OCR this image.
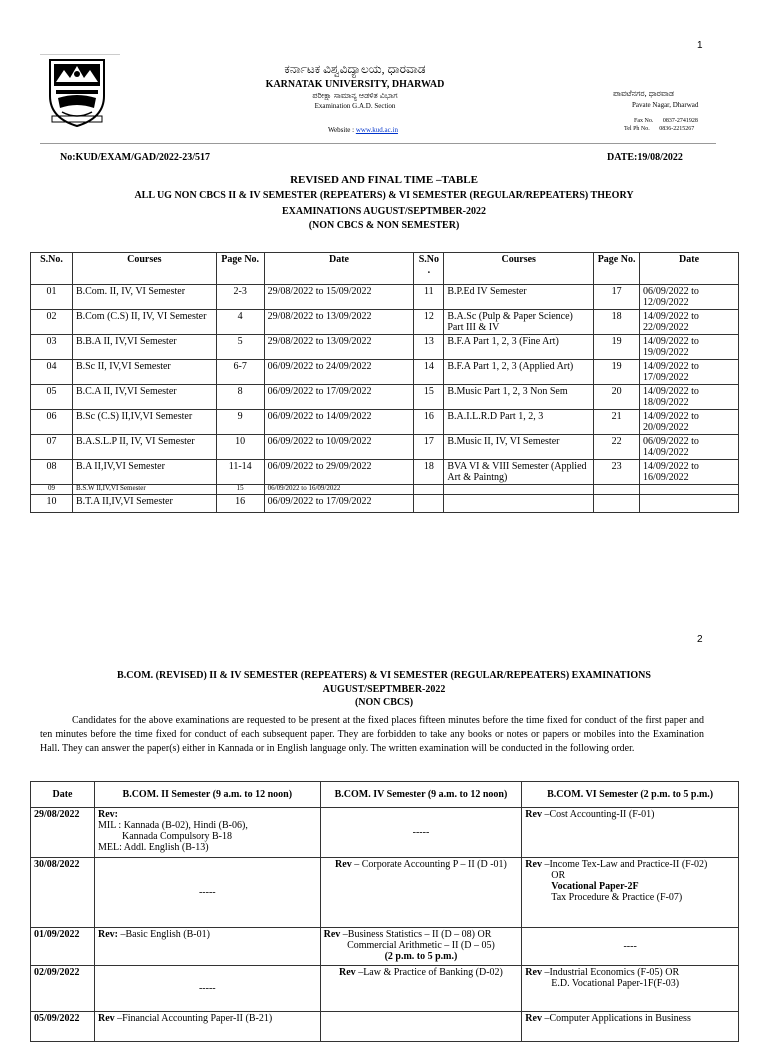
1
ಕರ್ನಾಟಕ ವಿಶ್ವವಿದ್ಯಾಲಯ, ಧಾರವಾಡ
KARNATAK UNIVERSITY, DHARWAD
ಪರೀಕ್ಷಾ ಸಾಮಾನ್ಯ ಆಡಳಿತ ವಿಭಾಗ
Examination G.A.D. Section
Website : www.kud.ac.in
ಪಾವಟೆನಗರ, ಧಾರವಾಡ
Pavate Nagar, Dharwad
Fax No. 0837-2741928
Tel Ph No. 0836-2215267
No:KUD/EXAM/GAD/2022-23/517	DATE:19/08/2022
REVISED AND FINAL TIME –TABLE
ALL UG NON CBCS II & IV SEMESTER (REPEATERS) & VI SEMESTER (REGULAR/REPEATERS) THEORY
EXAMINATIONS AUGUST/SEPTMBER-2022
(NON CBCS & NON SEMESTER)
S.No.	Courses	Page No.	Date	S.No .	Courses	Page No.	Date
01	B.Com. II, IV, VI Semester	2-3	29/08/2022 to 15/09/2022	11	B.P.Ed IV Semester	17	06/09/2022 to 12/09/2022
02	B.Com (C.S) II, IV, VI Semester	4	29/08/2022 to 13/09/2022	12	B.A.Sc (Pulp & Paper Science) Part III & IV	18	14/09/2022 to 22/09/2022
03	B.B.A II, IV,VI Semester	5	29/08/2022 to 13/09/2022	13	B.F.A Part 1, 2, 3 (Fine Art)	19	14/09/2022 to 19/09/2022
04	B.Sc II, IV,VI Semester	6-7	06/09/2022 to 24/09/2022	14	B.F.A Part 1, 2, 3 (Applied Art)	19	14/09/2022 to 17/09/2022
05	B.C.A II, IV,VI Semester	8	06/09/2022 to 17/09/2022	15	B.Music Part 1, 2, 3 Non Sem	20	14/09/2022 to 18/09/2022
06	B.Sc (C.S) II,IV,VI Semester	9	06/09/2022 to 14/09/2022	16	B.A.I.L.R.D Part 1, 2, 3	21	14/09/2022 to 20/09/2022
07	B.A.S.L.P II, IV, VI Semester	10	06/09/2022 to 10/09/2022	17	B.Music II, IV, VI Semester	22	06/09/2022 to 14/09/2022
08	B.A II,IV,VI Semester	11-14	06/09/2022 to 29/09/2022	18	BVA VI & VIII Semester (Applied Art & Paintng)	23	14/09/2022 to 16/09/2022
09	B.S.W II,IV,VI Semester	15	06/09/2022 to 16/09/2022				
10	B.T.A II,IV,VI Semester	16	06/09/2022 to 17/09/2022				
2
B.COM. (REVISED) II & IV SEMESTER (REPEATERS) & VI SEMESTER (REGULAR/REPEATERS) EXAMINATIONS
AUGUST/SEPTMBER-2022
(NON CBCS)
Candidates for the above examinations are requested to be present at the fixed places fifteen minutes before the time fixed for conduct of the first paper and ten minutes before the time fixed for conduct of each subsequent paper. They are forbidden to take any books or notes or papers or mobiles into the Examination Hall. They can answer the paper(s) either in Kannada or in English language only. The written examination will be conducted in the following order.
Date	B.COM. II Semester (9 a.m. to 12 noon)	B.COM. IV Semester (9 a.m. to 12 noon)	B.COM. VI Semester (2 p.m. to 5 p.m.)
29/08/2022	Rev:
MIL : Kannada (B-02), Hindi (B-06),
Kannada Compulsory B-18
MEL: Addl. English (B-13)	-----	Rev –Cost Accounting-II (F-01)

30/08/2022	-----	Rev – Corporate Accounting P – II (D -01)	Rev –Income Tex-Law and Practice-II (F-02)
OR
Vocational Paper-2F
Tax Procedure & Practice (F-07)

01/09/2022	Rev: –Basic English (B-01)	Rev –Business Statistics – II (D – 08) OR
Commercial Arithmetic – II (D – 05)
(2 p.m. to 5 p.m.)	----

02/09/2022	-----	Rev –Law & Practice of Banking (D-02)	Rev –Industrial Economics (F-05) OR
E.D. Vocational Paper-1F(F-03)

05/09/2022	Rev –Financial Accounting Paper-II (B-21)		Rev –Computer Applications in Business
